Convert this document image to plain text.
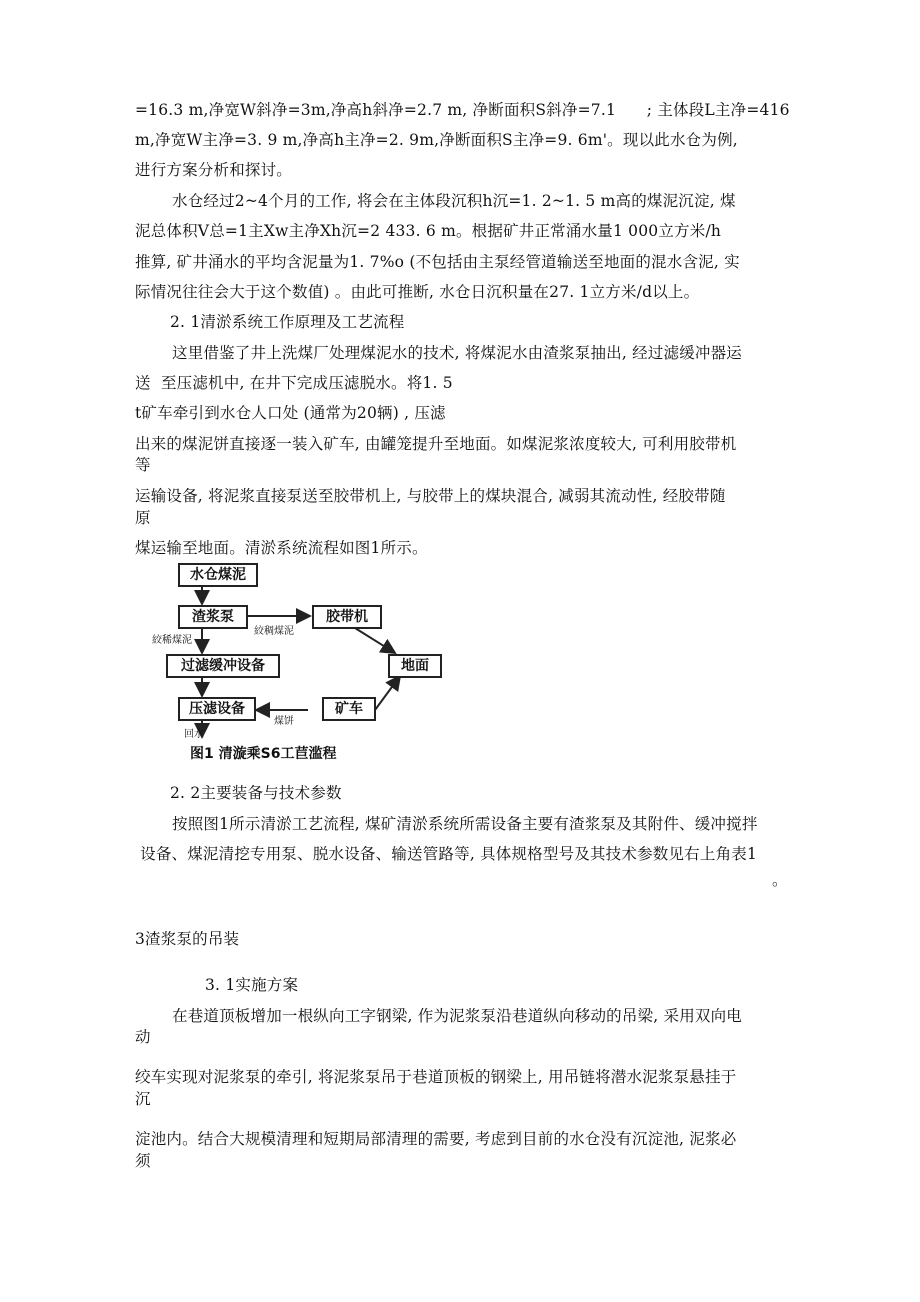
=16.3 m,净宽W斜净=3m,净高h斜净=2.7 m, 净断面积S斜净=7.1      ; 主体段L主净=416

m,净宽W主净=3. 9 m,净高h主净=2. 9m,净断面积S主净=9. 6m'。现以此水仓为例,

进行方案分析和探讨。

水仓经过2~4个月的工作, 将会在主体段沉积h沉=1. 2~1. 5 m高的煤泥沉淀, 煤

泥总体积V总=1主Xw主净Xh沉=2 433. 6 m。根据矿井正常涌水量1 000立方米/h

推算, 矿井涌水的平均含泥量为1. 7%o (不包括由主泵经管道输送至地面的混水含泥, 实

际情况往往会大于这个数值) 。由此可推断, 水仓日沉积量在27. 1立方米/d以上。

2. 1清淤系统工作原理及工艺流程

这里借鉴了井上洗煤厂处理煤泥水的技术, 将煤泥水由渣浆泵抽出, 经过滤缓冲器运

送  至压滤机中, 在井下完成压滤脱水。将1. 5

t矿车牵引到水仓人口处 (通常为20辆) , 压滤

出来的煤泥饼直接逐一装入矿车, 由罐笼提升至地面。如煤泥浆浓度较大, 可利用胶带机

等

运输设备, 将泥浆直接泵送至胶带机上, 与胶带上的煤块混合, 减弱其流动性, 经胶带随

原

煤运输至地面。清淤系统流程如图1所示。

水仓煤泥
渣浆泵
过滤缓冲设备
压滤设备
胶带机
地面
矿车
絞稀煤泥
絞稠煤泥
煤饼
回水
图1 清漩乘S6工苣滥程

2. 2主要装备与技术参数

按照图1所示清淤工艺流程, 煤矿清淤系统所需设备主要有渣浆泵及其附件、缓冲搅拌

设备、煤泥清挖专用泵、脱水设备、输送管路等, 具体规格型号及其技术参数见右上角表1

。

3渣浆泵的吊装

3. 1实施方案

在巷道顶板增加一根纵向工字钢梁, 作为泥浆泵沿巷道纵向移动的吊梁, 采用双向电

动

绞车实现对泥浆泵的牵引, 将泥浆泵吊于巷道顶板的钢梁上, 用吊链将潜水泥浆泵悬挂于

沉

淀池内。结合大规模清理和短期局部清理的需要, 考虑到目前的水仓没有沉淀池, 泥浆必

须
